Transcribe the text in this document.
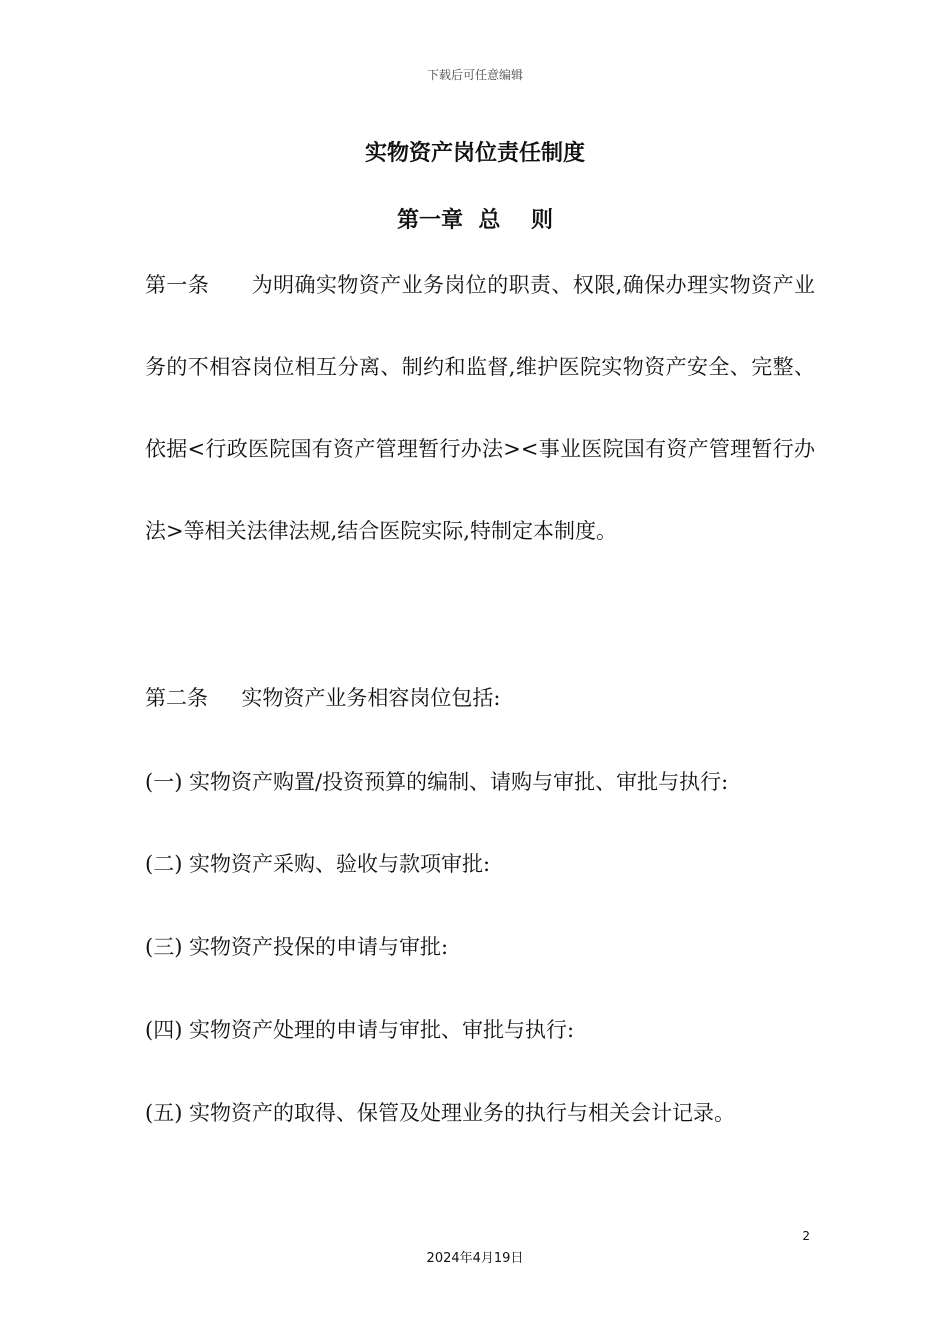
下载后可任意编辑
实物资产岗位责任制度
第一章  总    则
第一条 为明确实物资产业务岗位的职责、权限,确保办理实物资产业务的不相容岗位相互分离、制约和监督,维护医院实物资产安全、完整、依据<行政医院国有资产管理暂行办法><事业医院国有资产管理暂行办法>等相关法律法规,结合医院实际,特制定本制度。
第二条 实物资产业务相容岗位包括:
(一) 实物资产购置/投资预算的编制、请购与审批、审批与执行:
(二) 实物资产采购、验收与款项审批:
(三) 实物资产投保的申请与审批:
(四) 实物资产处理的申请与审批、审批与执行:
(五) 实物资产的取得、保管及处理业务的执行与相关会计记录。
2
2024年4月19日
